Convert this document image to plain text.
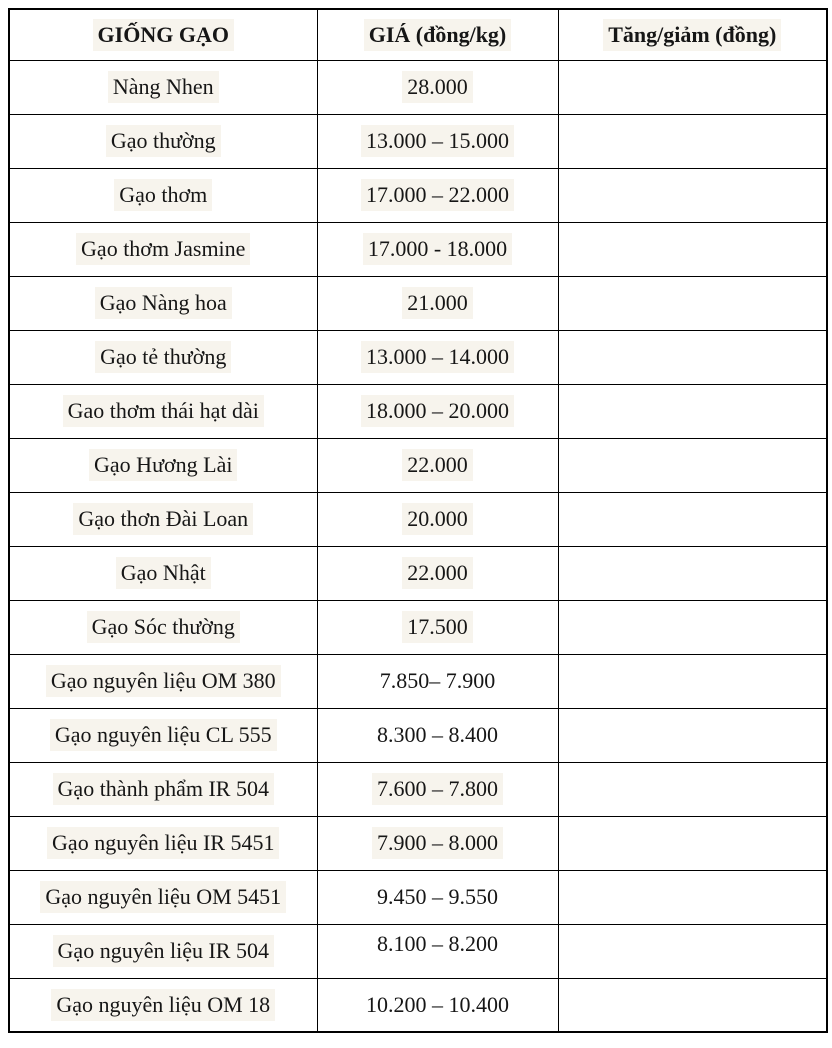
GIỐNG GẠO	GIÁ (đồng/kg)	Tăng/giảm (đồng)
Nàng Nhen	28.000	
Gạo thường	13.000 – 15.000	
Gạo thơm	17.000 – 22.000	
Gạo thơm Jasmine	17.000 - 18.000	
Gạo Nàng hoa	21.000	
Gạo tẻ thường	13.000 – 14.000	
Gao thơm thái hạt dài	18.000 – 20.000	
Gạo Hương Lài	22.000	
Gạo thơn Đài Loan	20.000	
Gạo Nhật	22.000	
Gạo Sóc thường	17.500	
Gạo nguyên liệu OM 380	7.850– 7.900	
Gạo nguyên liệu CL 555	8.300 – 8.400	
Gạo thành phẩm IR 504	7.600 – 7.800	
Gạo nguyên liệu IR 5451	7.900 – 8.000	
Gạo nguyên liệu OM 5451	9.450 – 9.550	
Gạo nguyên liệu IR 504	8.100 – 8.200	
Gạo nguyên liệu OM 18	10.200 – 10.400	
